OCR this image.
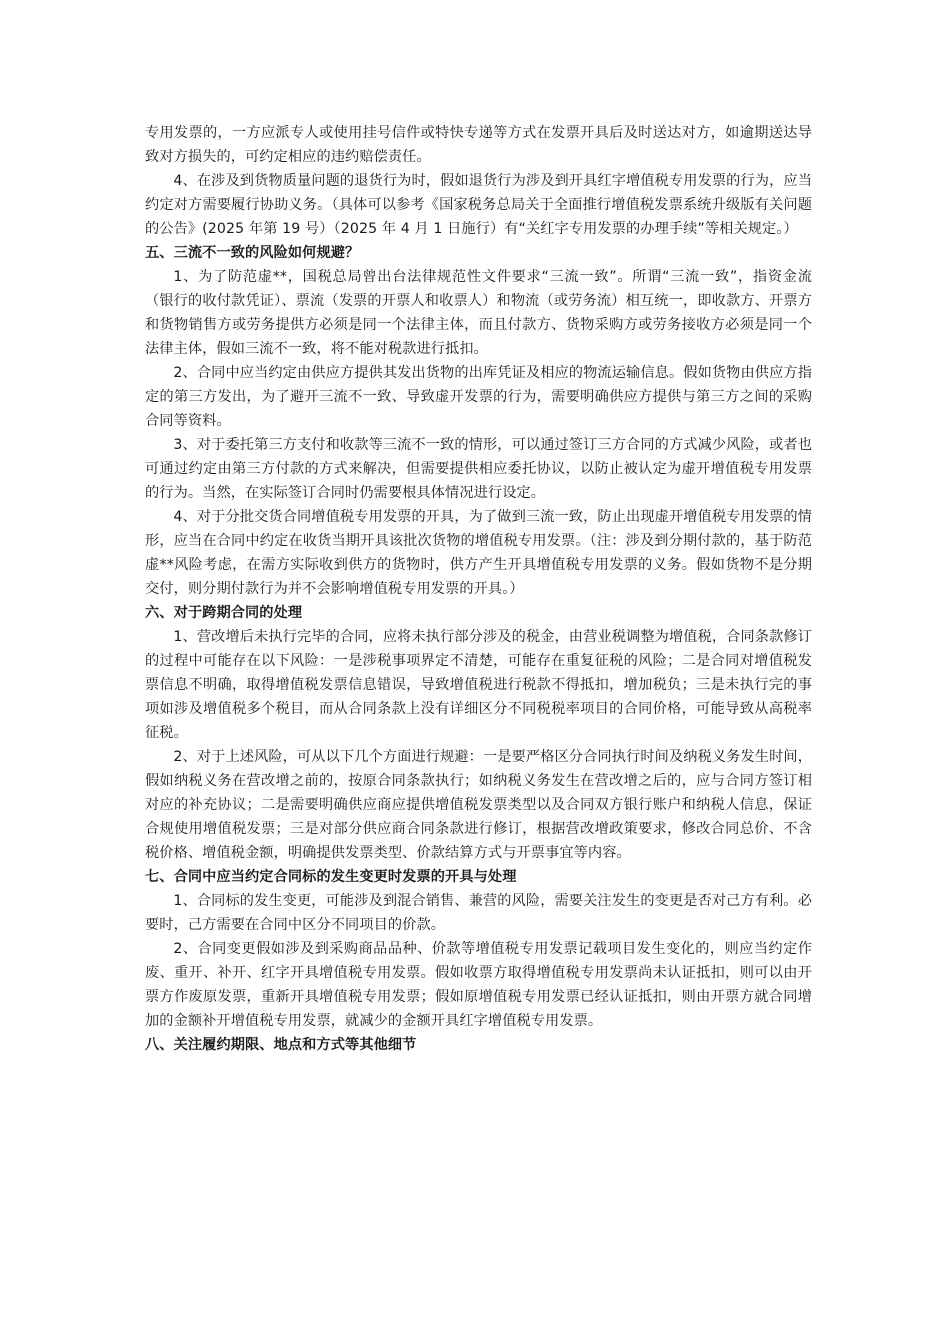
专用发票的，一方应派专人或使用挂号信件或特快专递等方式在发票开具后及时送达对方，如逾期送达导致对方损失的，可约定相应的违约赔偿责任。

4、在涉及到货物质量问题的退货行为时，假如退货行为涉及到开具红字增值税专用发票的行为，应当约定对方需要履行协助义务。（具体可以参考《国家税务总局关于全面推行增值税发票系统升级版有关问题的公告》(2025 年第 19 号）（2025 年 4 月 1 日施行）有“关红字专用发票的办理手续”等相关规定。）

五、三流不一致的风险如何规避？

1、为了防范虚**，国税总局曾出台法律规范性文件要求“三流一致”。所谓“三流一致”，指资金流（银行的收付款凭证）、票流（发票的开票人和收票人）和物流（或劳务流）相互统一，即收款方、开票方和货物销售方或劳务提供方必须是同一个法律主体，而且付款方、货物采购方或劳务接收方必须是同一个法律主体，假如三流不一致，将不能对税款进行抵扣。

2、合同中应当约定由供应方提供其发出货物的出库凭证及相应的物流运输信息。假如货物由供应方指定的第三方发出，为了避开三流不一致、导致虚开发票的行为，需要明确供应方提供与第三方之间的采购合同等资料。

3、对于委托第三方支付和收款等三流不一致的情形，可以通过签订三方合同的方式减少风险，或者也可通过约定由第三方付款的方式来解决，但需要提供相应委托协议，以防止被认定为虚开增值税专用发票的行为。当然，在实际签订合同时仍需要根具体情况进行设定。

4、对于分批交货合同增值税专用发票的开具，为了做到三流一致，防止出现虚开增值税专用发票的情形，应当在合同中约定在收货当期开具该批次货物的增值税专用发票。（注：涉及到分期付款的，基于防范虚**风险考虑，在需方实际收到供方的货物时，供方产生开具增值税专用发票的义务。假如货物不是分期交付，则分期付款行为并不会影响增值税专用发票的开具。）

六、对于跨期合同的处理

1、营改增后未执行完毕的合同，应将未执行部分涉及的税金，由营业税调整为增值税，合同条款修订的过程中可能存在以下风险：一是涉税事项界定不清楚，可能存在重复征税的风险；二是合同对增值税发票信息不明确，取得增值税发票信息错误，导致增值税进行税款不得抵扣，增加税负；三是未执行完的事项如涉及增值税多个税目，而从合同条款上没有详细区分不同税税率项目的合同价格，可能导致从高税率征税。

2、对于上述风险，可从以下几个方面进行规避：一是要严格区分合同执行时间及纳税义务发生时间，假如纳税义务在营改增之前的，按原合同条款执行；如纳税义务发生在营改增之后的，应与合同方签订相对应的补充协议；二是需要明确供应商应提供增值税发票类型以及合同双方银行账户和纳税人信息，保证合规使用增值税发票；三是对部分供应商合同条款进行修订，根据营改增政策要求，修改合同总价、不含税价格、增值税金额，明确提供发票类型、价款结算方式与开票事宜等内容。

七、合同中应当约定合同标的发生变更时发票的开具与处理

1、合同标的发生变更，可能涉及到混合销售、兼营的风险，需要关注发生的变更是否对己方有利。必要时，己方需要在合同中区分不同项目的价款。

2、合同变更假如涉及到采购商品品种、价款等增值税专用发票记载项目发生变化的，则应当约定作废、重开、补开、红字开具增值税专用发票。假如收票方取得增值税专用发票尚未认证抵扣，则可以由开票方作废原发票，重新开具增值税专用发票；假如原增值税专用发票已经认证抵扣，则由开票方就合同增加的金额补开增值税专用发票，就减少的金额开具红字增值税专用发票。

八、关注履约期限、地点和方式等其他细节
